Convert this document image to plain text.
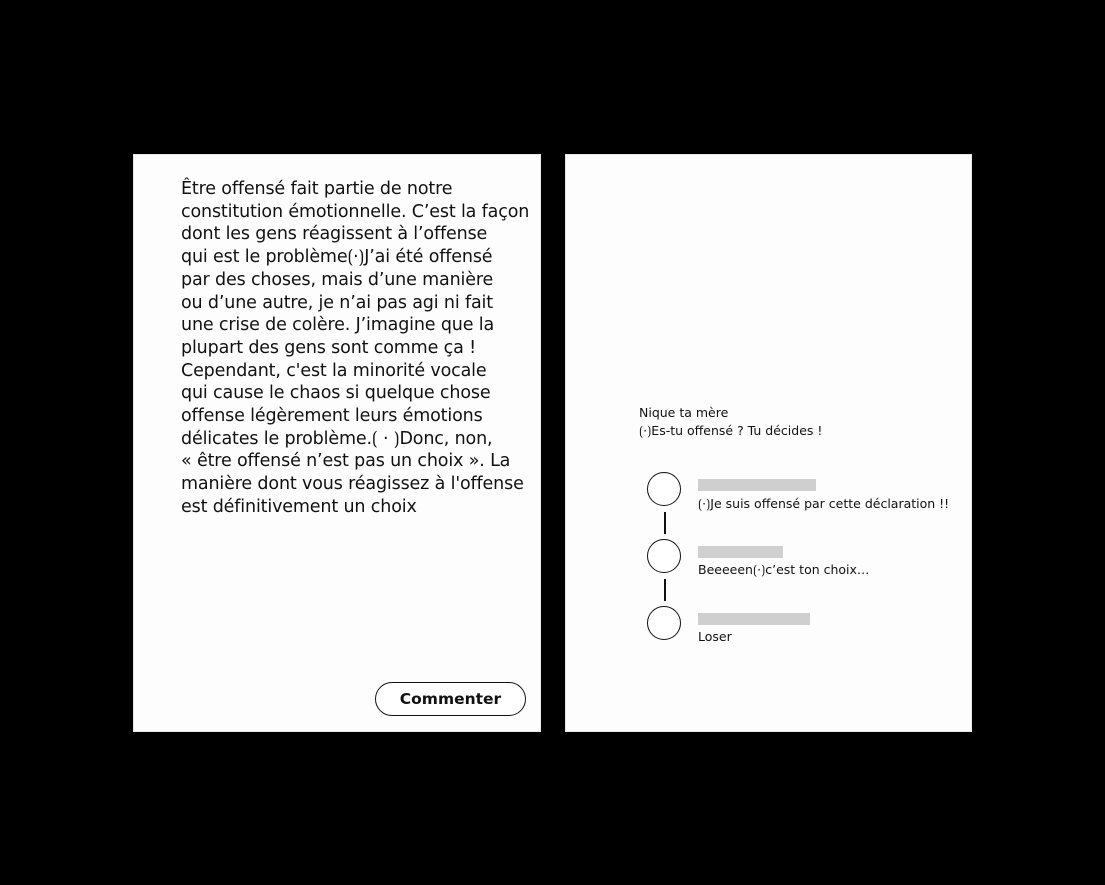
Être offensé fait partie de notre
constitution émotionnelle. C’est la façon
dont les gens réagissent à l’offense
qui est le problème⟮·⟯J’ai été offensé
par des choses, mais d’une manière
ou d’une autre, je n’ai pas agi ni fait
une crise de colère. J’imagine que la
plupart des gens sont comme ça !
Cependant, c'est la minorité vocale
qui cause le chaos si quelque chose
offense légèrement leurs émotions
délicates le problème.⟮ · ⟯Donc, non,
« être offensé n’est pas un choix ». La
manière dont vous réagissez à l'offense
est définitivement un choix
Commenter
Nique ta mère
⟮·⟯Es-tu offensé ? Tu décides !
⟮·⟯Je suis offensé par cette déclaration !!
Beeeeen⟮·⟯c’est ton choix…
Loser
